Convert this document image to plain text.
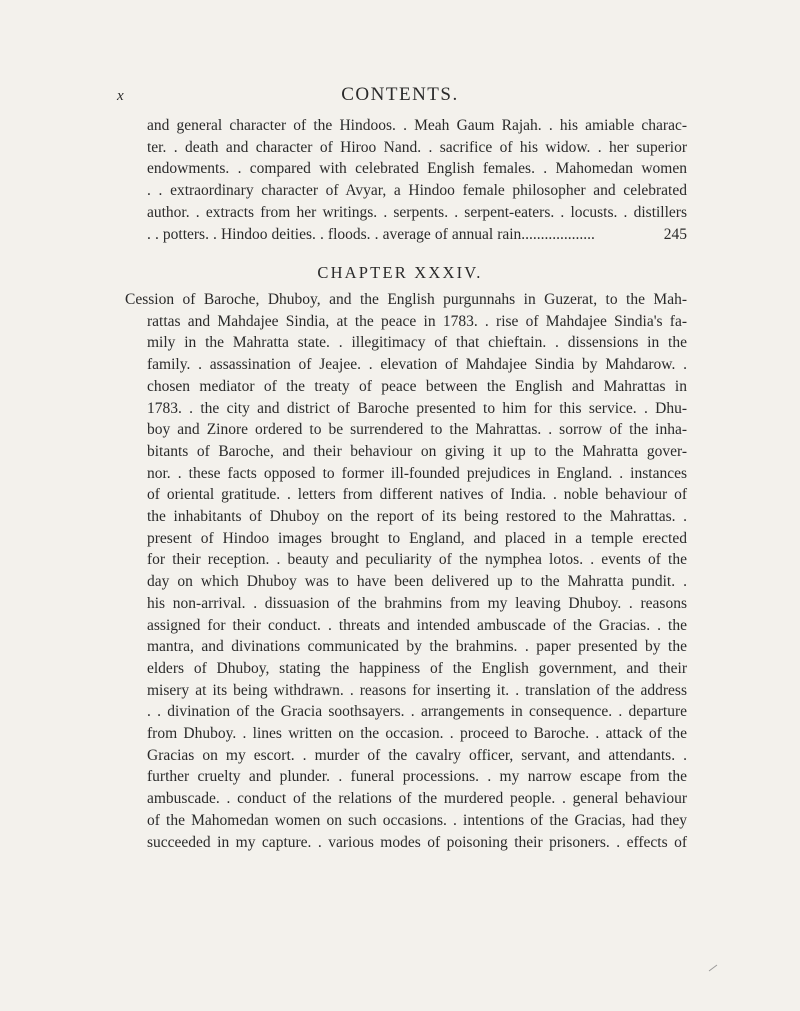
x	CONTENTS.

and general character of the Hindoos. . Meah Gaum Rajah. . his amiable charac-
ter. . death and character of Hiroo Nand. . sacrifice of his widow. . her superior
endowments. . compared with celebrated English females. . Mahomedan women
. . extraordinary character of Avyar, a Hindoo female philosopher and celebrated
author. . extracts from her writings. . serpents. . serpent-eaters. . locusts. . distillers
. . potters. . Hindoo deities. . floods. . average of annual rain...................	245

CHAPTER XXXIV.

Cession of Baroche, Dhuboy, and the English purgunnahs in Guzerat, to the Mah-
rattas and Mahdajee Sindia, at the peace in 1783. . rise of Mahdajee Sindia's fa-
mily in the Mahratta state. . illegitimacy of that chieftain. . dissensions in the
family. . assassination of Jeajee. . elevation of Mahdajee Sindia by Mahdarow. .
chosen mediator of the treaty of peace between the English and Mahrattas in
1783. . the city and district of Baroche presented to him for this service. . Dhu-
boy and Zinore ordered to be surrendered to the Mahrattas. . sorrow of the inha-
bitants of Baroche, and their behaviour on giving it up to the Mahratta gover-
nor. . these facts opposed to former ill-founded prejudices in England. . instances
of oriental gratitude. . letters from different natives of India. . noble behaviour of
the inhabitants of Dhuboy on the report of its being restored to the Mahrattas. .
present of Hindoo images brought to England, and placed in a temple erected
for their reception. . beauty and peculiarity of the nymphea lotos. . events of the
day on which Dhuboy was to have been delivered up to the Mahratta pundit. .
his non-arrival. . dissuasion of the brahmins from my leaving Dhuboy. . reasons
assigned for their conduct. . threats and intended ambuscade of the Gracias. . the
mantra, and divinations communicated by the brahmins. . paper presented by the
elders of Dhuboy, stating the happiness of the English government, and their
misery at its being withdrawn. . reasons for inserting it. . translation of the address
. . divination of the Gracia soothsayers. . arrangements in consequence. . departure
from Dhuboy. . lines written on the occasion. . proceed to Baroche. . attack of the
Gracias on my escort. . murder of the cavalry officer, servant, and attendants. .
further cruelty and plunder. . funeral processions. . my narrow escape from the
ambuscade. . conduct of the relations of the murdered people. . general behaviour
of the Mahomedan women on such occasions. . intentions of the Gracias, had they
succeeded in my capture. . various modes of poisoning their prisoners. . effects of
